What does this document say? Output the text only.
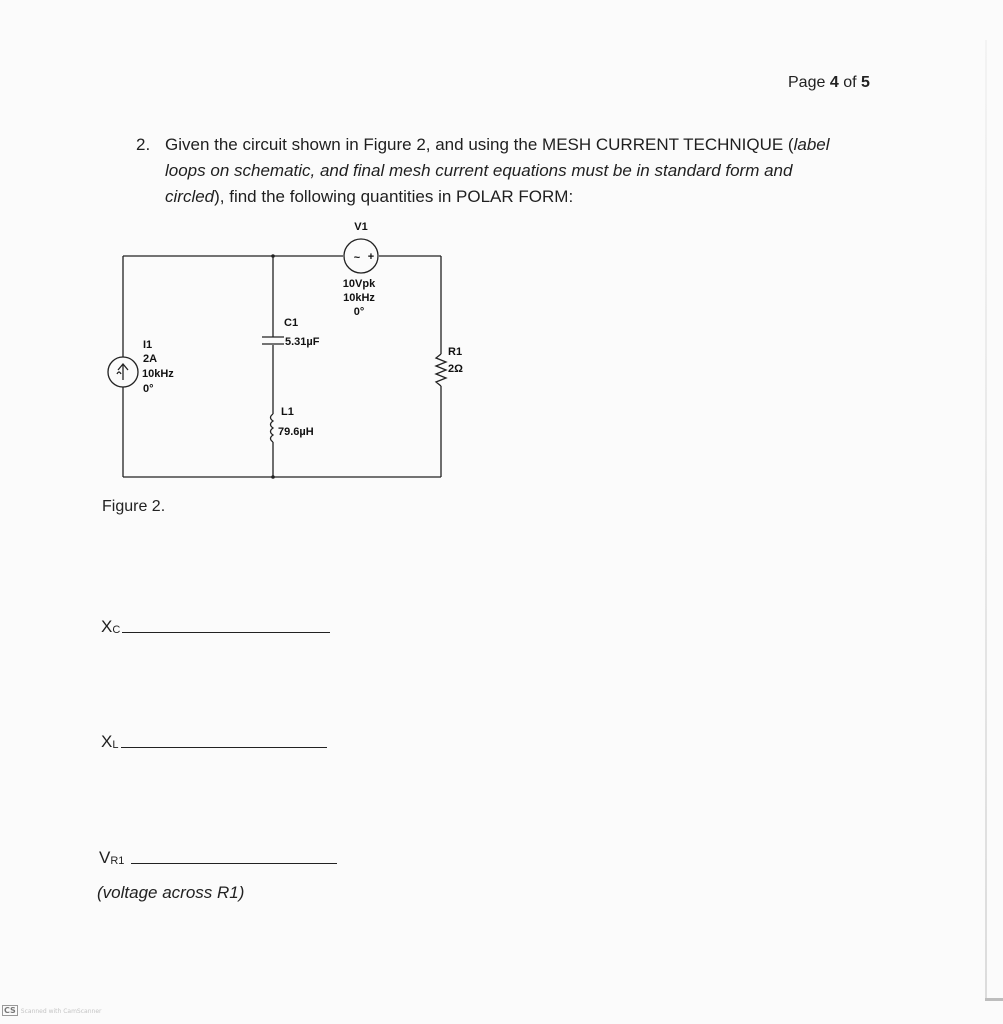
Page 4 of 5
2. Given the circuit shown in Figure 2, and using the MESH CURRENT TECHNIQUE (label loops on schematic, and final mesh current equations must be in standard form and circled), find the following quantities in POLAR FORM:
V1
~ +
10Vpk
10kHz
0°
C1
5.31µF
I1
2A
10kHz
0°
R1
2Ω
L1
79.6µH
Figure 2.
XC
XL
VR1
(voltage across R1)
CS Scanned with CamScanner
